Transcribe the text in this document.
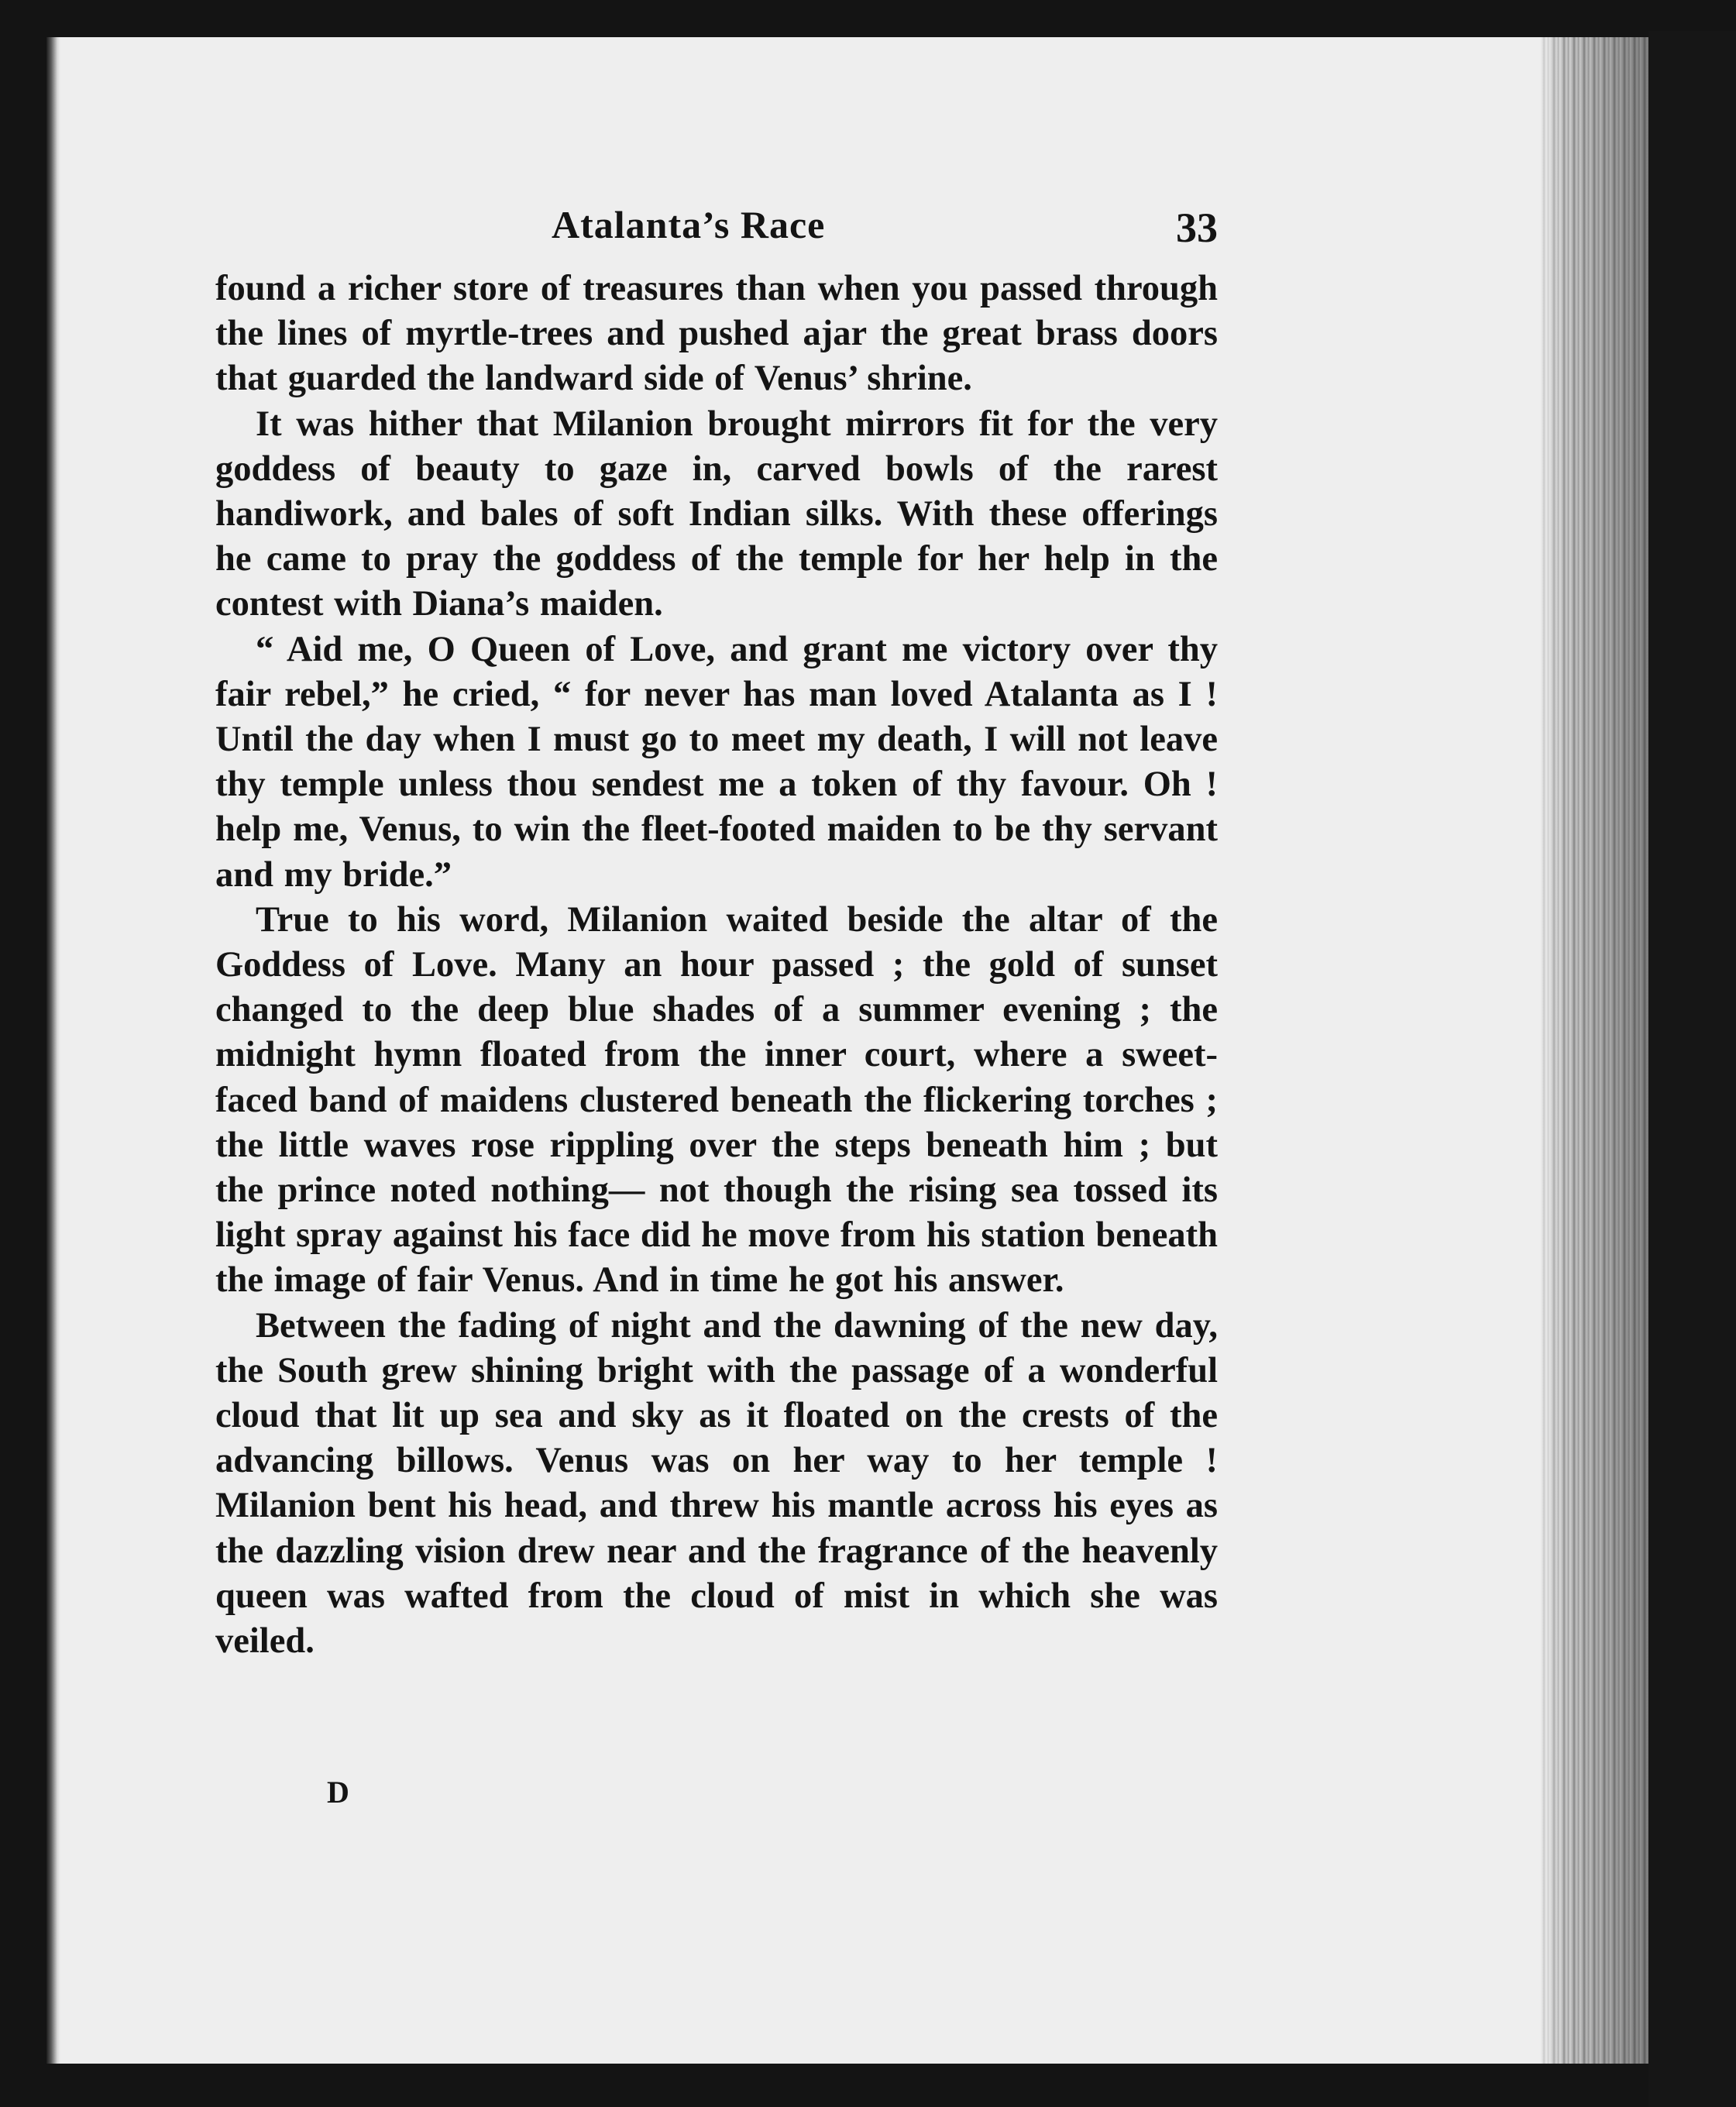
Atalanta’s Race	33

found a richer store of treasures than when you passed through the lines of myrtle-trees and pushed ajar the great brass doors that guarded the landward side of Venus’ shrine.

It was hither that Milanion brought mirrors fit for the very goddess of beauty to gaze in, carved bowls of the rarest handiwork, and bales of soft Indian silks. With these offerings he came to pray the goddess of the temple for her help in the contest with Diana’s maiden.

“ Aid me, O Queen of Love, and grant me victory over thy fair rebel,” he cried, “ for never has man loved Atalanta as I ! Until the day when I must go to meet my death, I will not leave thy temple unless thou sendest me a token of thy favour. Oh ! help me, Venus, to win the fleet-footed maiden to be thy servant and my bride.”

True to his word, Milanion waited beside the altar of the Goddess of Love. Many an hour passed ; the gold of sunset changed to the deep blue shades of a summer evening ; the midnight hymn floated from the inner court, where a sweet-faced band of maidens clustered beneath the flickering torches ; the little waves rose rippling over the steps beneath him ; but the prince noted nothing— not though the rising sea tossed its light spray against his face did he move from his station beneath the image of fair Venus. And in time he got his answer.

Between the fading of night and the dawning of the new day, the South grew shining bright with the passage of a wonderful cloud that lit up sea and sky as it floated on the crests of the advancing billows. Venus was on her way to her temple ! Milanion bent his head, and threw his mantle across his eyes as the dazzling vision drew near and the fragrance of the heavenly queen was wafted from the cloud of mist in which she was veiled.

D
